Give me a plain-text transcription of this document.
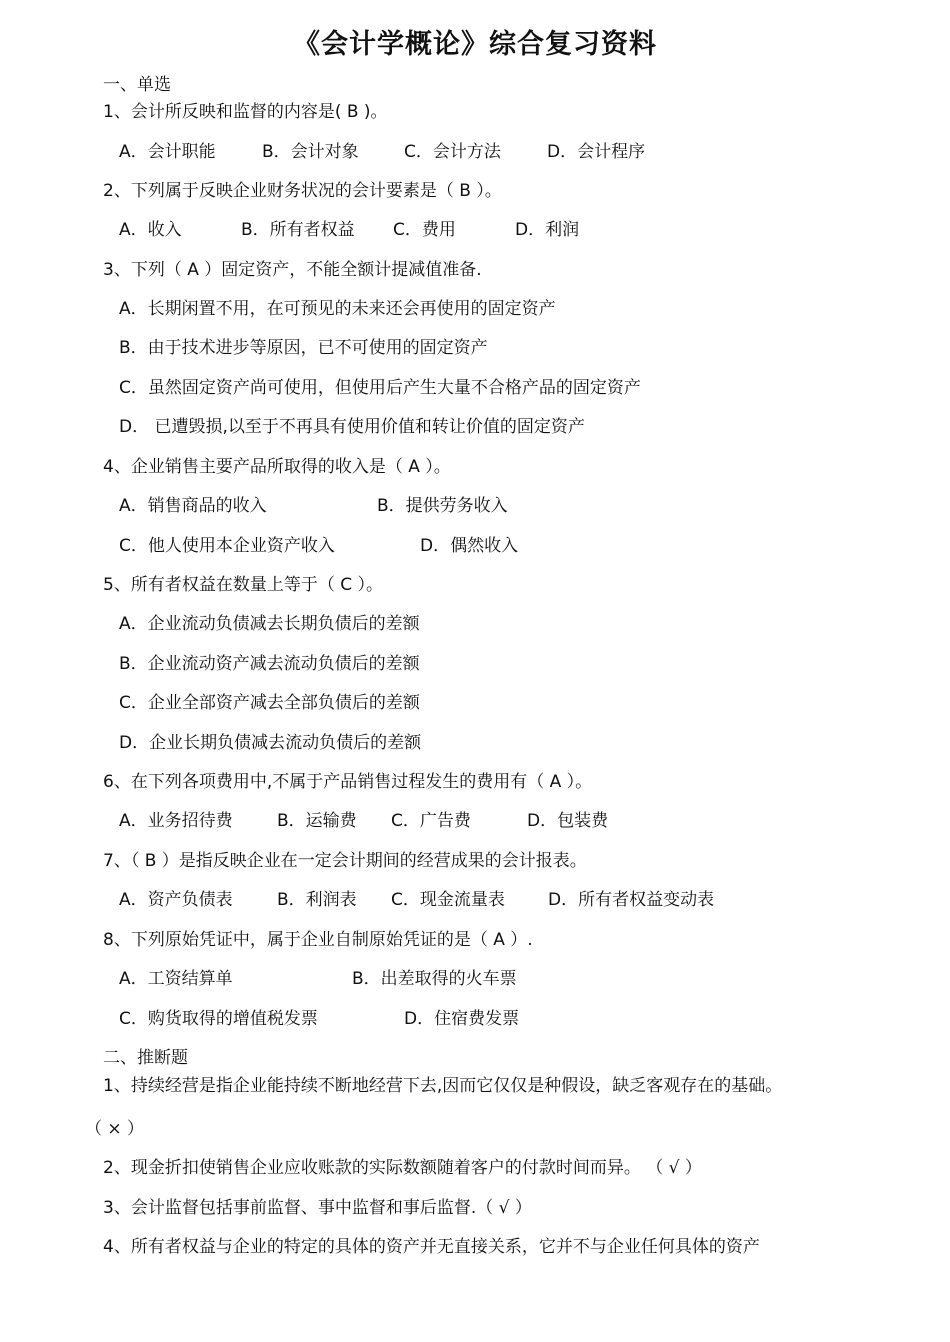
《会计学概论》综合复习资料
一、单选
1、会计所反映和监督的内容是( B )。
A．会计职能	B．会计对象	C．会计方法	D．会计程序
2、下列属于反映企业财务状况的会计要素是（ B ）。
A．收入	B．所有者权益 C．费用	D．利润
3、下列（ A ）固定资产，不能全额计提减值准备.
A．长期闲置不用，在可预见的未来还会再使用的固定资产
B．由于技术进步等原因，已不可使用的固定资产
C．虽然固定资产尚可使用，但使用后产生大量不合格产品的固定资产
D． 已遭毁损,以至于不再具有使用价值和转让价值的固定资产
4、企业销售主要产品所取得的收入是（ A ）。
A．销售商品的收入	B．提供劳务收入
C．他人使用本企业资产收入	D．偶然收入
5、所有者权益在数量上等于（ C ）。
A．企业流动负债减去长期负债后的差额
B．企业流动资产减去流动负债后的差额
C．企业全部资产减去全部负债后的差额
D．企业长期负债减去流动负债后的差额
6、在下列各项费用中,不属于产品销售过程发生的费用有（ A ）。
A．业务招待费	B．运输费 C．广告费	D．包装费
7、（ B ）是指反映企业在一定会计期间的经营成果的会计报表。
A．资产负债表	B．利润表 C．现金流量表	D．所有者权益变动表
8、下列原始凭证中，属于企业自制原始凭证的是（ A ）.
A．工资结算单	B．出差取得的火车票
C．购货取得的增值税发票	D．住宿费发票
二、推断题
1、持续经营是指企业能持续不断地经营下去,因而它仅仅是种假设，缺乏客观存在的基础。
（ × ）
2、现金折扣使销售企业应收账款的实际数额随着客户的付款时间而异。 （ √ ）
3、会计监督包括事前监督、事中监督和事后监督.（ √ ）
4、所有者权益与企业的特定的具体的资产并无直接关系，它并不与企业任何具体的资产
